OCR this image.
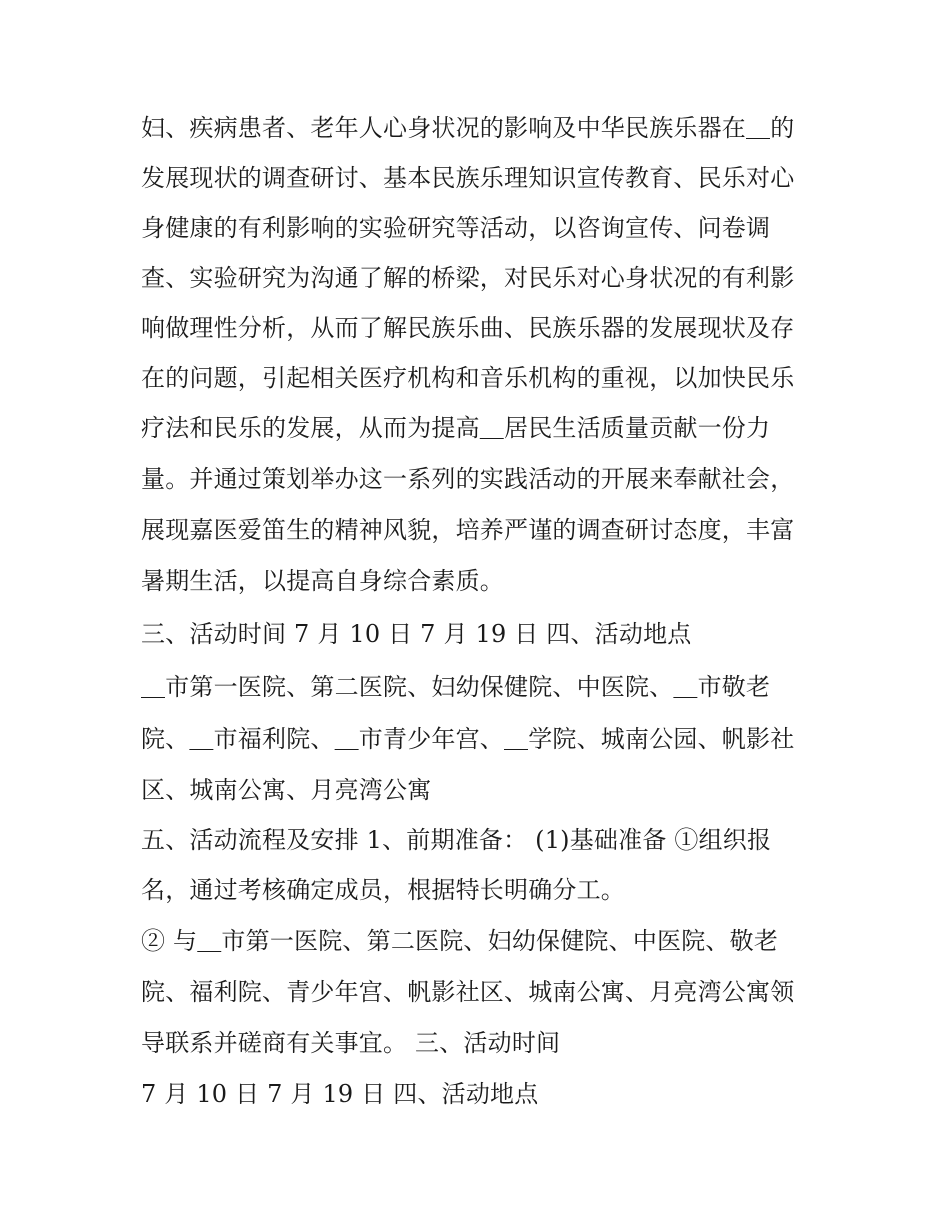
妇、疾病患者、老年人心身状况的影响及中华民族乐器在＿的
发展现状的调查研讨、基本民族乐理知识宣传教育、民乐对心
身健康的有利影响的实验研究等活动，以咨询宣传、问卷调
查、实验研究为沟通了解的桥梁，对民乐对心身状况的有利影
响做理性分析，从而了解民族乐曲、民族乐器的发展现状及存
在的问题，引起相关医疗机构和音乐机构的重视，以加快民乐
疗法和民乐的发展，从而为提高＿居民生活质量贡献一份力
量。并通过策划举办这一系列的实践活动的开展来奉献社会，
展现嘉医爱笛生的精神风貌，培养严谨的调查研讨态度，丰富
暑期生活，以提高自身综合素质。
三、活动时间 7 月 10 日 7 月 19 日 四、活动地点
＿市第一医院、第二医院、妇幼保健院、中医院、＿市敬老
院、＿市福利院、＿市青少年宫、＿学院、城南公园、帆影社
区、城南公寓、月亮湾公寓
五、活动流程及安排 1、前期准备： (1)基础准备 ①组织报
名，通过考核确定成员，根据特长明确分工。
② 与＿市第一医院、第二医院、妇幼保健院、中医院、敬老
院、福利院、青少年宫、帆影社区、城南公寓、月亮湾公寓领
导联系并磋商有关事宜。 三、活动时间
7 月 10 日 7 月 19 日 四、活动地点
